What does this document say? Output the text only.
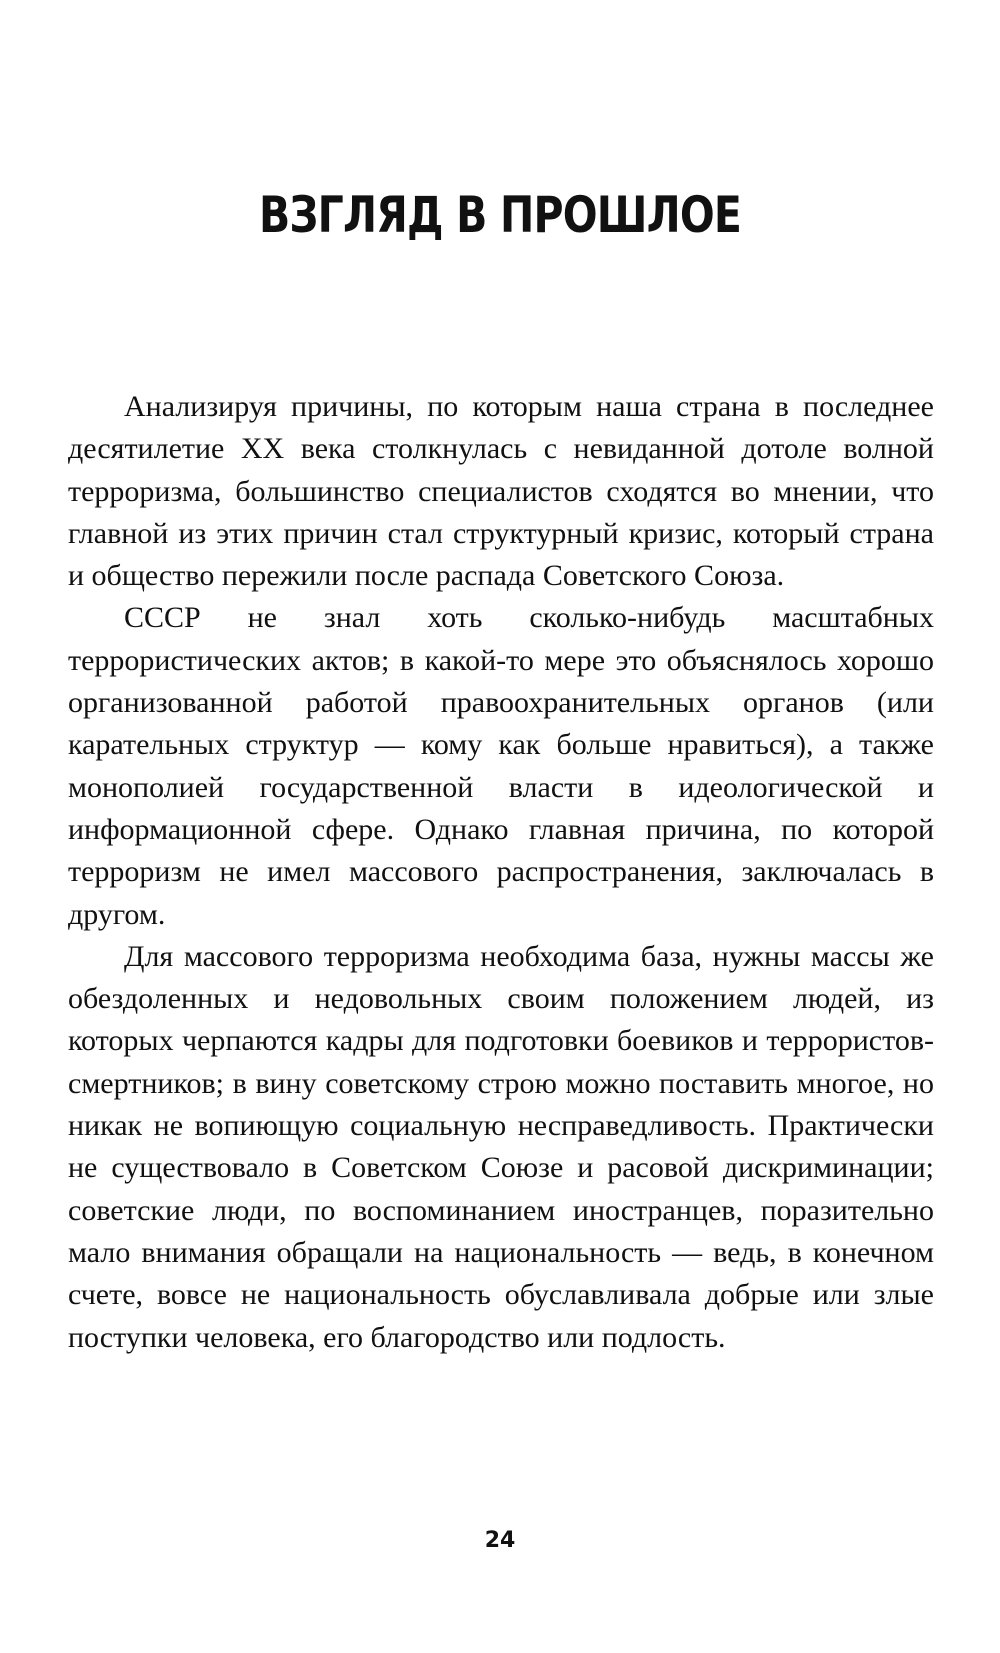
ВЗГЛЯД В ПРОШЛОЕ

Анализируя причины, по которым наша страна в последнее десятилетие XX века столкнулась с невиданной дотоле волной терроризма, большинство специалистов сходятся во мнении, что главной из этих причин стал структурный кризис, который страна и общество пережили после распада Советского Союза.

СССР не знал хоть сколько-нибудь масштабных террористических актов; в какой-то мере это объяснялось хорошо организованной работой правоохранительных органов (или карательных структур — кому как больше нравиться), а также монополией государственной власти в идеологической и информационной сфере. Однако главная причина, по которой терроризм не имел массового распространения, заключалась в другом.

Для массового терроризма необходима база, нужны массы же обездоленных и недовольных своим положением людей, из которых черпаются кадры для подготовки боевиков и террористов-смертников; в вину советскому строю можно поставить многое, но никак не вопиющую социальную несправедливость. Практически не существовало в Советском Союзе и расовой дискриминации; советские люди, по воспоминанием иностранцев, поразительно мало внимания обращали на национальность — ведь, в конечном счете, вовсе не национальность обуславливала добрые или злые поступки человека, его благородство или подлость.

24
